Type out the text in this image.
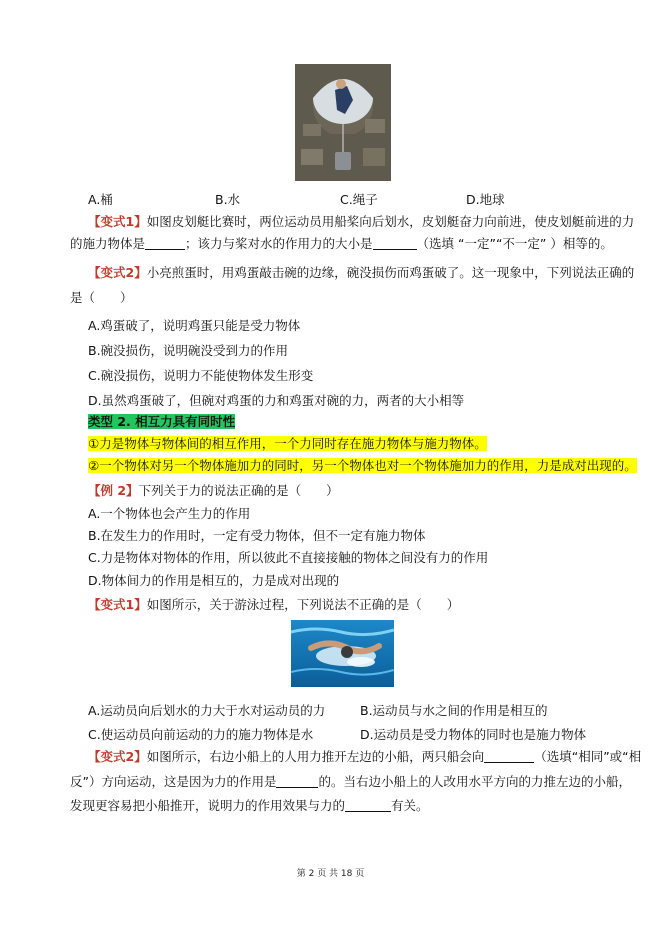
A.桶	B.水	C.绳子	D.地球
【变式1】如图皮划艇比赛时，两位运动员用船桨向后划水，皮划艇奋力向前进，使皮划艇前进的力
的施力物体是	；该力与桨对水的作用力的大小是	（选填 “一定”“不一定” ）相等的。
【变式2】小亮煎蛋时，用鸡蛋敲击碗的边缘，碗没损伤而鸡蛋破了。这一现象中，下列说法正确的
是（　　）
A.鸡蛋破了，说明鸡蛋只能是受力物体
B.碗没损伤，说明碗没受到力的作用
C.碗没损伤，说明力不能使物体发生形变
D.虽然鸡蛋破了，但碗对鸡蛋的力和鸡蛋对碗的力，两者的大小相等
类型 2. 相互力具有同时性
①力是物体与物体间的相互作用，一个力同时存在施力物体与施力物体。
②一个物体对另一个物体施加力的同时，另一个物体也对一个物体施加力的作用，力是成对出现的。
【例 2】下列关于力的说法正确的是（　　）
A.一个物体也会产生力的作用
B.在发生力的作用时，一定有受力物体，但不一定有施力物体
C.力是物体对物体的作用，所以彼此不直接接触的物体之间没有力的作用
D.物体间力的作用是相互的，力是成对出现的
【变式1】如图所示，关于游泳过程，下列说法不正确的是（　　）
A.运动员向后划水的力大于水对运动员的力	B.运动员与水之间的作用是相互的
C.使运动员向前运动的力的施力物体是水	D.运动员是受力物体的同时也是施力物体
【变式2】如图所示，右边小船上的人用力推开左边的小船，两只船会向	（选填“相同”或“相
反”）方向运动，这是因为力的作用是	的。当右边小船上的人改用水平方向的力推左边的小船，
发现更容易把小船推开，说明力的作用效果与力的	有关。
第 2 页 共 18 页
